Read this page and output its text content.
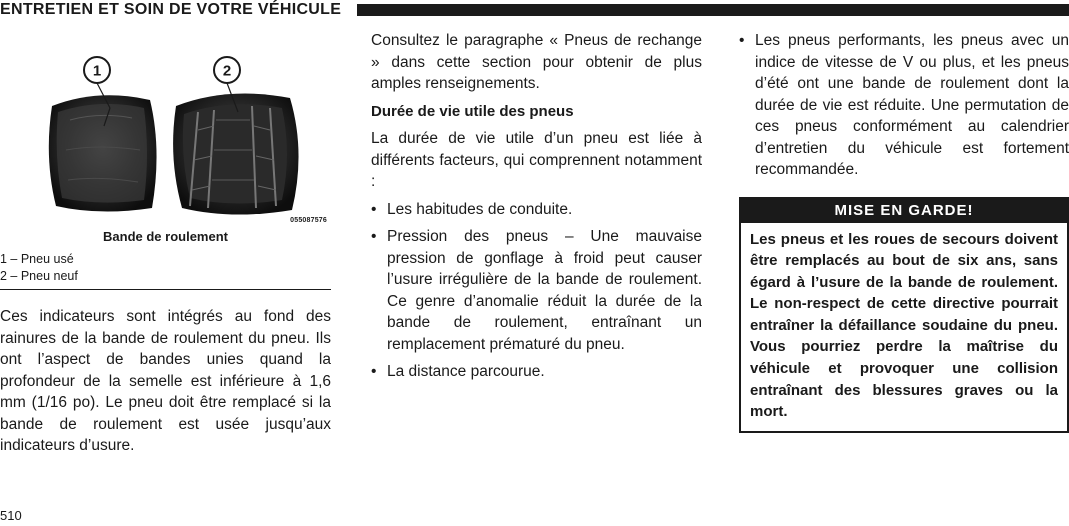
ENTRETIEN ET SOIN DE VOTRE VÉHICULE
1	2
055087576
Bande de roulement
1 – Pneu usé
2 – Pneu neuf

Ces indicateurs sont intégrés au fond des rainures de la bande de roulement du pneu. Ils ont l’aspect de bandes unies quand la profondeur de la semelle est inférieure à 1,6 mm (1/16 po). Le pneu doit être remplacé si la bande de roulement est usée jusqu’aux indicateurs d’usure.

Consultez le paragraphe « Pneus de rechange » dans cette section pour obtenir de plus amples renseignements.

Durée de vie utile des pneus

La durée de vie utile d’un pneu est liée à différents facteurs, qui comprennent notamment :

• Les habitudes de conduite.
• Pression des pneus – Une mauvaise pression de gonflage à froid peut causer l’usure irrégulière de la bande de roulement. Ce genre d’anomalie réduit la durée de la bande de roulement, entraînant un remplacement prématuré du pneu.
• La distance parcourue.
• Les pneus performants, les pneus avec un indice de vitesse de V ou plus, et les pneus d’été ont une bande de roulement dont la durée de vie est réduite. Une permutation de ces pneus conformément au calendrier d’entretien du véhicule est fortement recommandée.
MISE EN GARDE!
Les pneus et les roues de secours doivent être remplacés au bout de six ans, sans égard à l’usure de la bande de roulement. Le non-respect de cette directive pourrait entraîner la défaillance soudaine du pneu. Vous pourriez perdre la maîtrise du véhicule et provoquer une collision entraînant des blessures graves ou la mort.
510
